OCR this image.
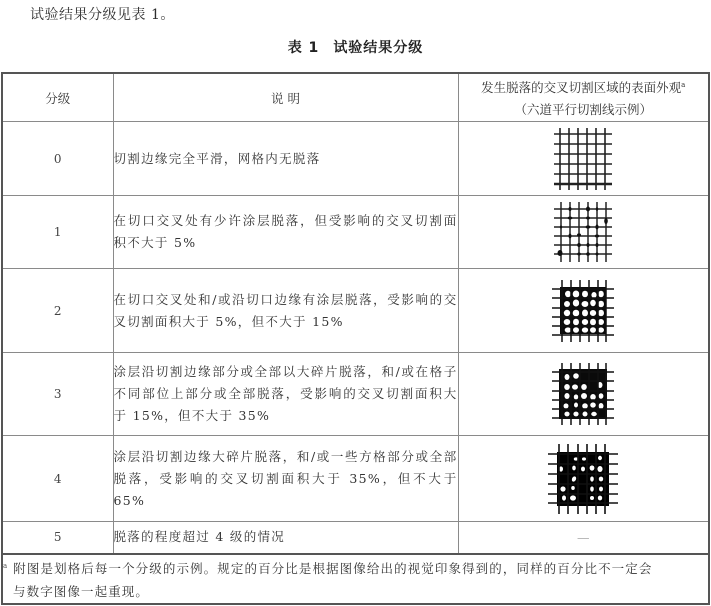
试验结果分级见表 1。
表 1 试验结果分级
分级	说 明	发生脱落的交叉切割区域的表面外观$^a$
（六道平行切割线示例）
0	切割边缘完全平滑，网格内无脱落	

1	在切口交叉处有少许涂层脱落，但受影响的交叉切割面积不大于 5%	

2	在切口交叉处和/或沿切口边缘有涂层脱落，受影响的交叉切割面积大于 5%，但不大于 15%	

3	涂层沿切割边缘部分或全部以大碎片脱落，和/或在格子不同部位上部分或全部脱落，受影响的交叉切割面积大于 15%，但不大于 35%	

4	涂层沿切割边缘大碎片脱落，和/或一些方格部分或全部脱落，受影响的交叉切割面积大于 35%，但不大于 65%	

5	脱落的程度超过 4 级的情况	—
$^a$ 附图是划格后每一个分级的示例。规定的百分比是根据图像给出的视觉印象得到的，同样的百分比不一定会
与数字图像一起重现。		
